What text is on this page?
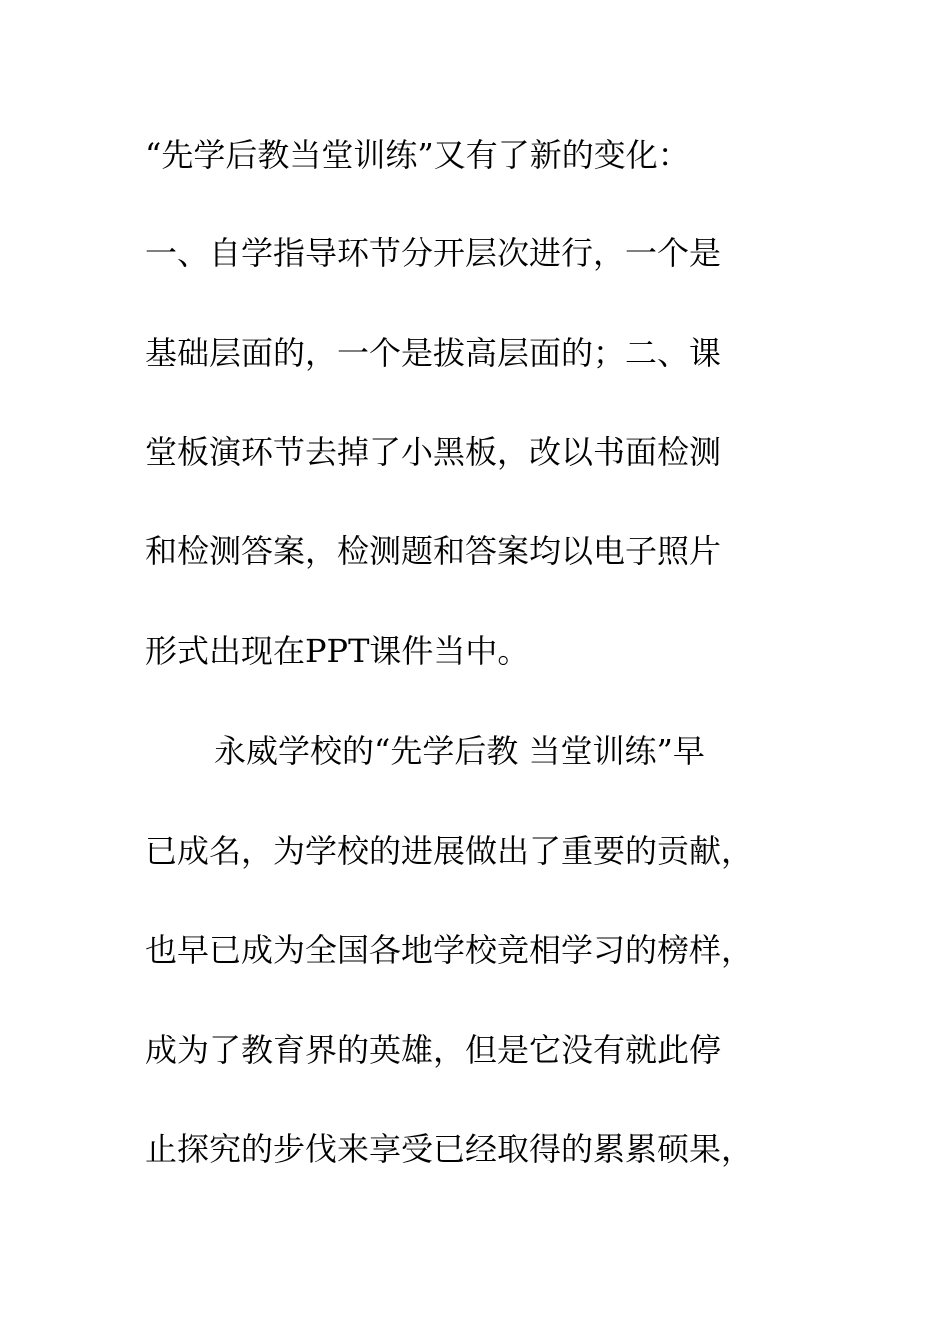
“先学后教当堂训练”又有了新的变化：
一、自学指导环节分开层次进行，一个是
基础层面的，一个是拔高层面的；二、课
堂板演环节去掉了小黑板，改以书面检测
和检测答案，检测题和答案均以电子照片
形式出现在PPT课件当中。
永威学校的“先学后教 当堂训练”早
已成名，为学校的进展做出了重要的贡献，
也早已成为全国各地学校竞相学习的榜样，
成为了教育界的英雄，但是它没有就此停
止探究的步伐来享受已经取得的累累硕果，
